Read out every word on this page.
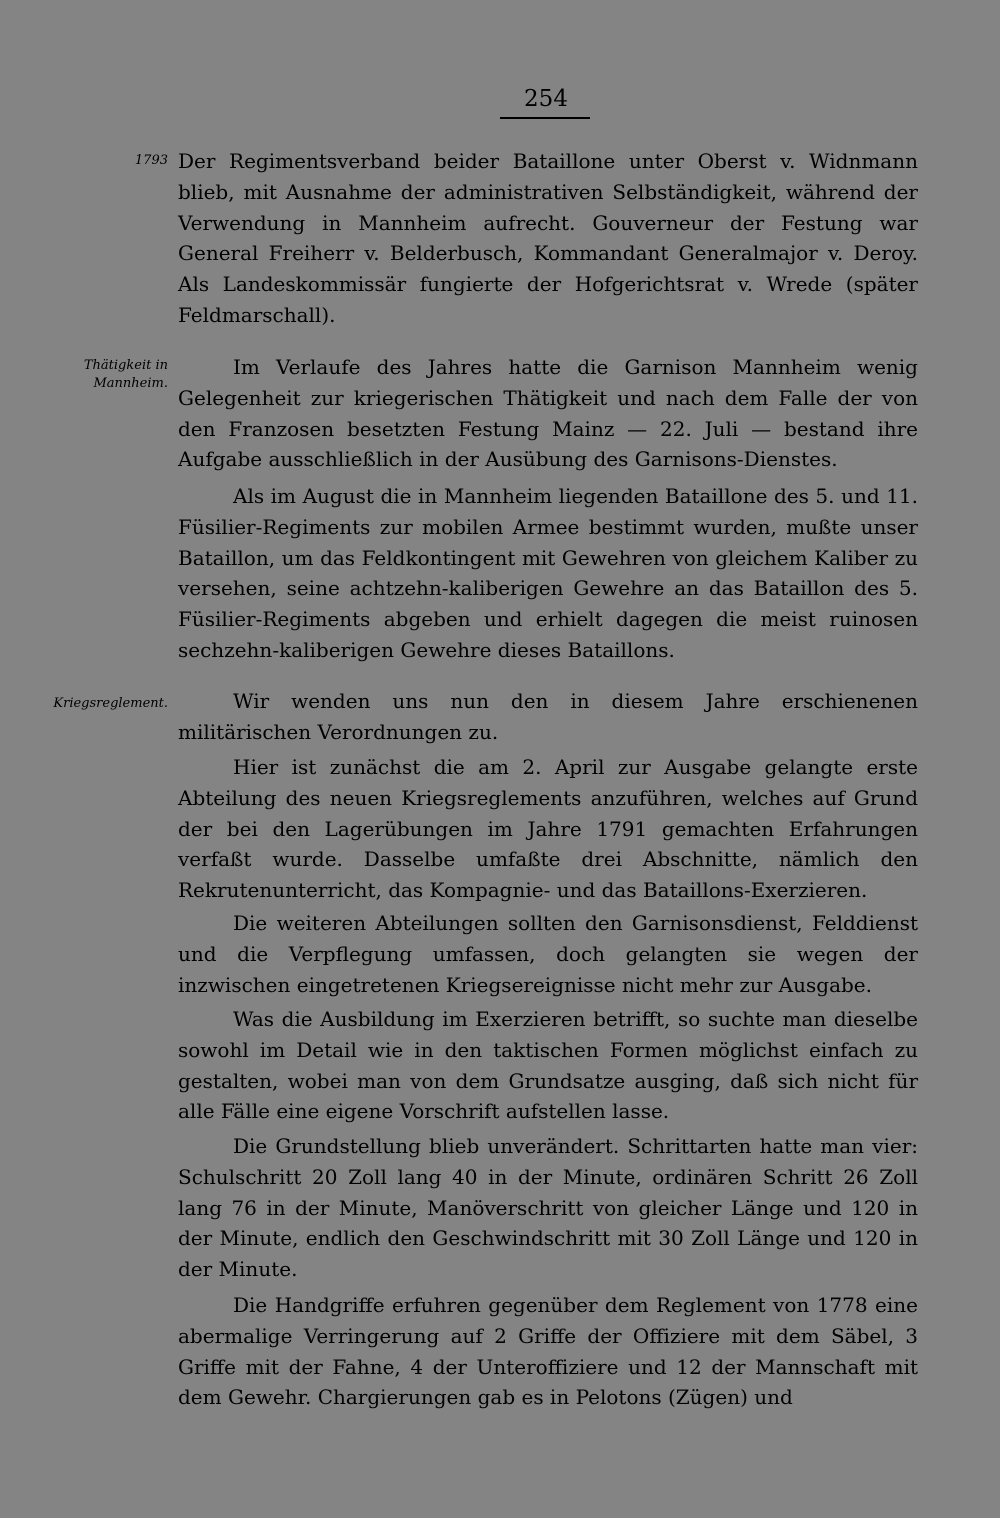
254
1793
Thätigkeit in Mannheim.
Kriegsreglement.

Der Regimentsverband beider Bataillone unter Oberst v. Widnmann blieb, mit Ausnahme der administrativen Selbständigkeit, während der Verwendung in Mannheim aufrecht. Gouverneur der Festung war General Freiherr v. Belderbusch, Kommandant Generalmajor v. Deroy. Als Landeskommissär fungierte der Hofgerichtsrat v. Wrede (später Feldmarschall).

Im Verlaufe des Jahres hatte die Garnison Mannheim wenig Gelegenheit zur kriegerischen Thätigkeit und nach dem Falle der von den Franzosen besetzten Festung Mainz — 22. Juli — bestand ihre Aufgabe ausschließlich in der Ausübung des Garnisons-Dienstes.

Als im August die in Mannheim liegenden Bataillone des 5. und 11. Füsilier-Regiments zur mobilen Armee bestimmt wurden, mußte unser Bataillon, um das Feldkontingent mit Gewehren von gleichem Kaliber zu versehen, seine achtzehn-kaliberigen Gewehre an das Bataillon des 5. Füsilier-Regiments abgeben und erhielt dagegen die meist ruinosen sechzehn-kaliberigen Gewehre dieses Bataillons.

Wir wenden uns nun den in diesem Jahre erschienenen militärischen Verordnungen zu.

Hier ist zunächst die am 2. April zur Ausgabe gelangte erste Abteilung des neuen Kriegsreglements anzuführen, welches auf Grund der bei den Lagerübungen im Jahre 1791 gemachten Erfahrungen verfaßt wurde. Dasselbe umfaßte drei Abschnitte, nämlich den Rekrutenunterricht, das Kompagnie- und das Bataillons-Exerzieren.

Die weiteren Abteilungen sollten den Garnisonsdienst, Felddienst und die Verpflegung umfassen, doch gelangten sie wegen der inzwischen eingetretenen Kriegsereignisse nicht mehr zur Ausgabe.

Was die Ausbildung im Exerzieren betrifft, so suchte man dieselbe sowohl im Detail wie in den taktischen Formen möglichst einfach zu gestalten, wobei man von dem Grundsatze ausging, daß sich nicht für alle Fälle eine eigene Vorschrift aufstellen lasse.

Die Grundstellung blieb unverändert. Schrittarten hatte man vier: Schulschritt 20 Zoll lang 40 in der Minute, ordinären Schritt 26 Zoll lang 76 in der Minute, Manöverschritt von gleicher Länge und 120 in der Minute, endlich den Geschwindschritt mit 30 Zoll Länge und 120 in der Minute.

Die Handgriffe erfuhren gegenüber dem Reglement von 1778 eine abermalige Verringerung auf 2 Griffe der Offiziere mit dem Säbel, 3 Griffe mit der Fahne, 4 der Unteroffiziere und 12 der Mannschaft mit dem Gewehr. Chargierungen gab es in Pelotons (Zügen) und
